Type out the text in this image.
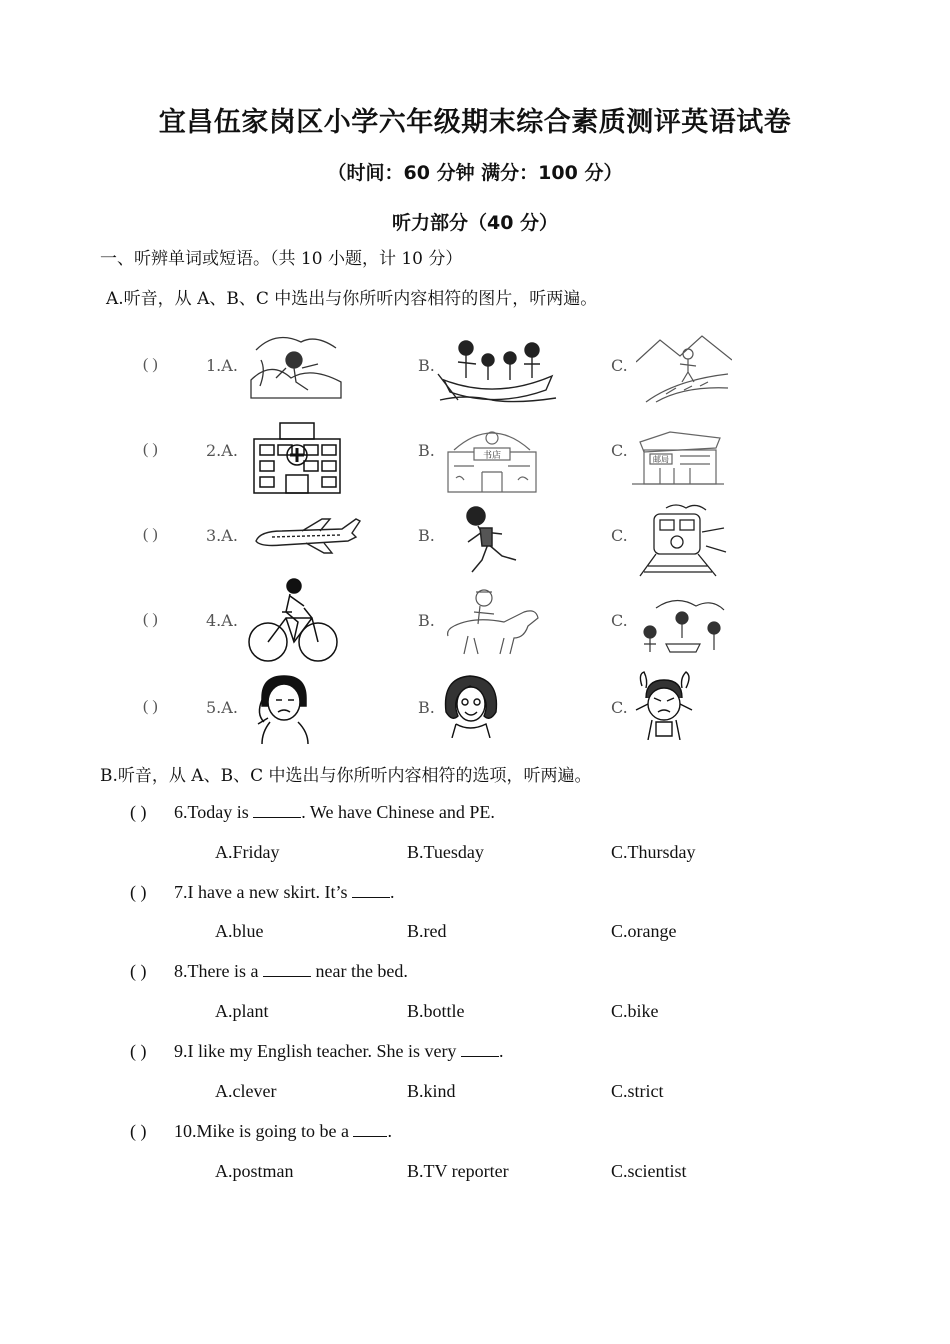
宜昌伍家岗区小学六年级期末综合素质测评英语试卷
（时间：60 分钟 满分：100 分）
听力部分（40 分）
一、听辨单词或短语。（共 10 小题，计 10 分）
A.听音，从 A、B、C 中选出与你所听内容相符的图片，听两遍。
( )	1.A.	B.	C.
( )	2.A.	B.	书店	C.	邮局
( )	3.A.	B.	C.
( )	4.A.	B.	C.
( )	5.A.	B.	C.
B.听音，从 A、B、C 中选出与你所听内容相符的选项，听两遍。
( ) 6.Today is	. We have Chinese and PE.
A.Friday	B.Tuesday	C.Thursday
( ) 7.I have a new skirt. It’s .
A.blue	B.red	C.orange
( ) 8.There is a	near the bed.
A.plant	B.bottle	C.bike
( ) 9.I like my English teacher. She is very .
A.clever	B.kind	C.strict
( ) 10.Mike is going to be a .
A.postman	B.TV reporter	C.scientist
